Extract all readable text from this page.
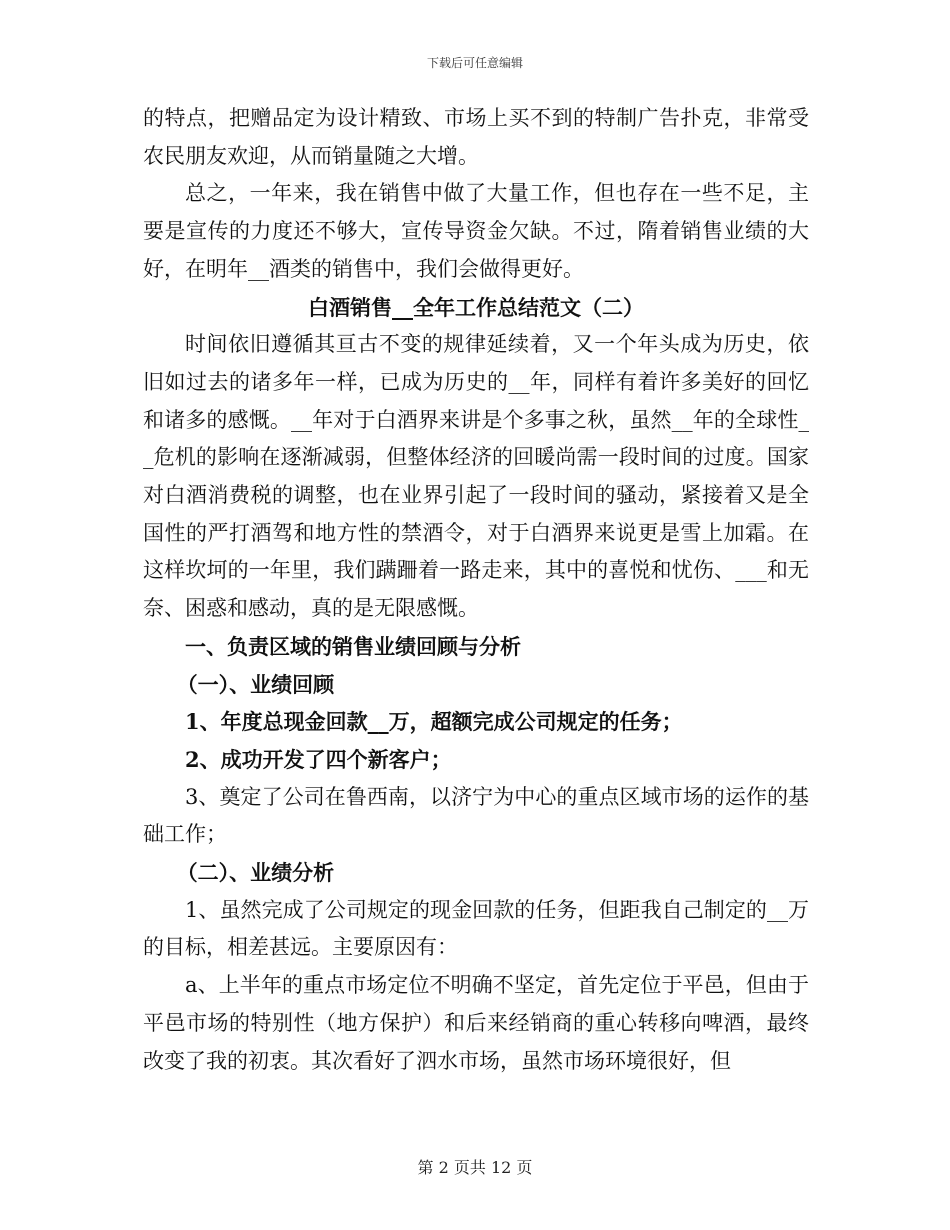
下载后可任意编辑

的特点，把赠品定为设计精致、市场上买不到的特制广告扑克，非常受农民朋友欢迎，从而销量随之大增。

总之，一年来，我在销售中做了大量工作，但也存在一些不足，主要是宣传的力度还不够大，宣传导资金欠缺。不过，隋着销售业绩的大好，在明年__酒类的销售中，我们会做得更好。

白酒销售__全年工作总结范文（二）

时间依旧遵循其亘古不变的规律延续着，又一个年头成为历史，依旧如过去的诸多年一样，已成为历史的__年，同样有着许多美好的回忆和诸多的感慨。__年对于白酒界来讲是个多事之秋，虽然__年的全球性__危机的影响在逐渐减弱，但整体经济的回暖尚需一段时间的过度。国家对白酒消费税的调整，也在业界引起了一段时间的骚动，紧接着又是全国性的严打酒驾和地方性的禁酒令，对于白酒界来说更是雪上加霜。在这样坎坷的一年里，我们蹒跚着一路走来，其中的喜悦和忧伤、___和无奈、困惑和感动，真的是无限感慨。

一、负责区域的销售业绩回顾与分析

（一）、业绩回顾

1、年度总现金回款__万，超额完成公司规定的任务；

2、成功开发了四个新客户；

3、奠定了公司在鲁西南，以济宁为中心的重点区域市场的运作的基础工作；

（二）、业绩分析

1、虽然完成了公司规定的现金回款的任务，但距我自己制定的__万的目标，相差甚远。主要原因有：

a、上半年的重点市场定位不明确不坚定，首先定位于平邑，但由于平邑市场的特别性（地方保护）和后来经销商的重心转移向啤酒，最终改变了我的初衷。其次看好了泗水市场，虽然市场环境很好，但

第 2 页共 12 页
